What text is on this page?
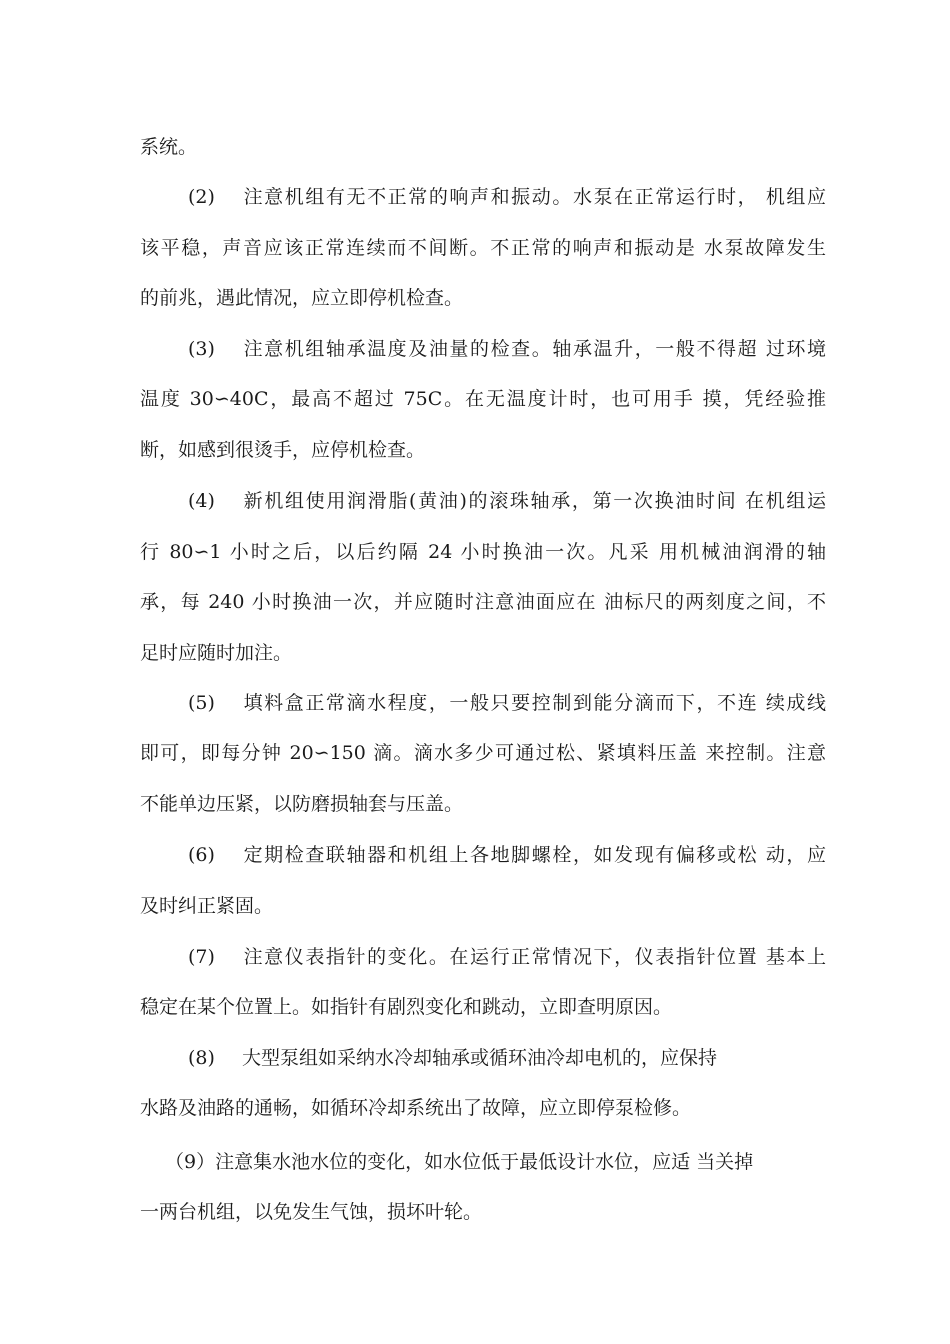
系统。
(2) 注意机组有无不正常的响声和振动。水泵在正常运行时， 机组应
该平稳，声音应该正常连续而不间断。不正常的响声和振动是 水泵故障发生
的前兆，遇此情况，应立即停机检查。
(3) 注意机组轴承温度及油量的检查。轴承温升，一般不得超 过环境
温度 30∽40C，最高不超过 75C。在无温度计时，也可用手 摸，凭经验推
断，如感到很烫手，应停机检查。
(4) 新机组使用润滑脂(黄油)的滚珠轴承，第一次换油时间 在机组运
行 80∽1 小时之后，以后约隔 24 小时换油一次。凡采 用机械油润滑的轴
承，每 240 小时换油一次，并应随时注意油面应在 油标尺的两刻度之间，不
足时应随时加注。
(5) 填料盒正常滴水程度，一般只要控制到能分滴而下，不连 续成线
即可，即每分钟 20∽150 滴。滴水多少可通过松、紧填料压盖 来控制。注意
不能单边压紧，以防磨损轴套与压盖。
(6) 定期检查联轴器和机组上各地脚螺栓，如发现有偏移或松 动，应
及时纠正紧固。
(7) 注意仪表指针的变化。在运行正常情况下，仪表指针位置 基本上
稳定在某个位置上。如指针有剧烈变化和跳动，立即查明原因。
(8) 大型泵组如采纳水冷却轴承或循环油冷却电机的，应保持
水路及油路的通畅，如循环冷却系统出了故障，应立即停泵检修。
（9）注意集水池水位的变化，如水位低于最低设计水位，应适 当关掉
一两台机组，以免发生气蚀，损坏叶轮。
